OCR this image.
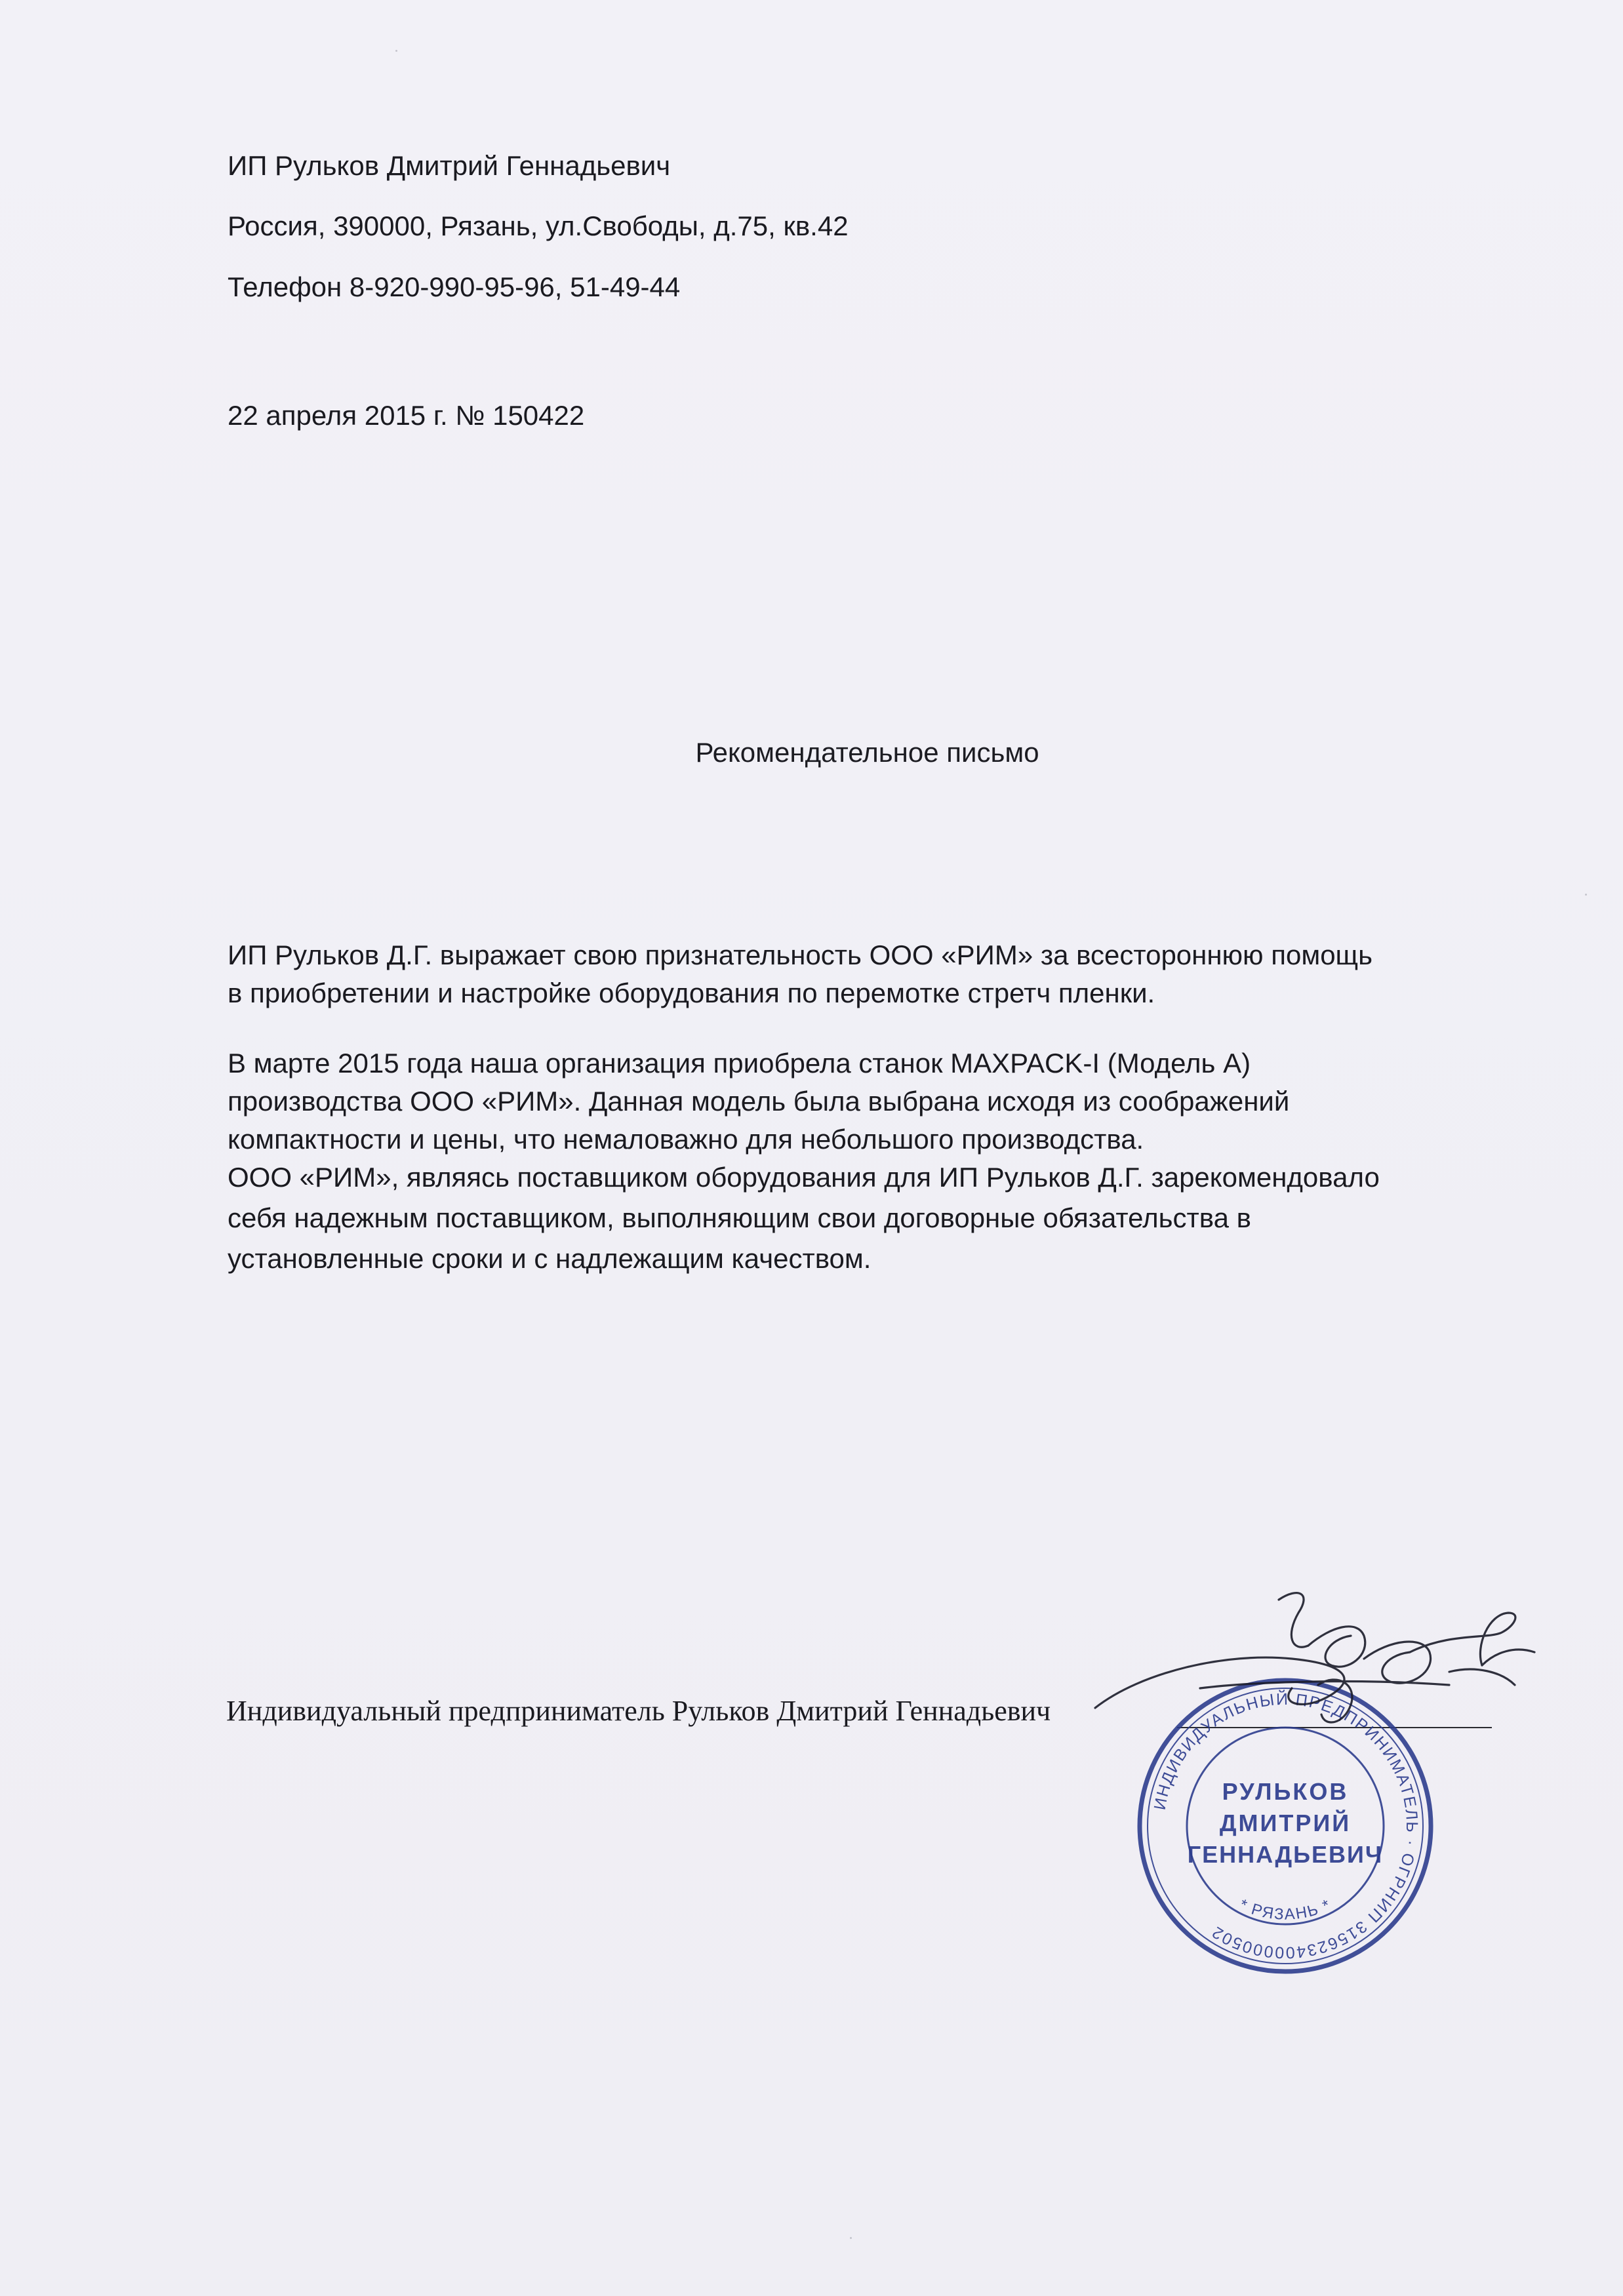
ИП Рульков Дмитрий Геннадьевич
Россия, 390000, Рязань, ул.Свободы, д.75, кв.42
Телефон 8-920-990-95-96, 51-49-44
22 апреля 2015 г. № 150422
Рекомендательное письмо

ИП Рульков Д.Г. выражает свою признательность ООО «РИМ» за всестороннюю помощь

в приобретении и настройке оборудования по перемотке стретч пленки.

В марте 2015 года наша организация приобрела станок MAXPACK-I (Модель А)

производства ООО «РИМ». Данная модель была выбрана исходя из соображений

компактности и цены, что немаловажно для небольшого производства.

ООО «РИМ», являясь поставщиком оборудования для ИП Рульков Д.Г. зарекомендовало

себя надежным поставщиком, выполняющим свои договорные обязательства в

установленные сроки и с надлежащим качеством.

Индивидуальный предприниматель Рульков Дмитрий Геннадьевич
ИНДИВИДУАЛЬНЫЙ ПРЕДПРИНИМАТЕЛЬ · ОГРНИП 315623400000502
РУЛЬКОВ
ДМИТРИЙ
ГЕННАДЬЕВИЧ
* РЯЗАНЬ *
